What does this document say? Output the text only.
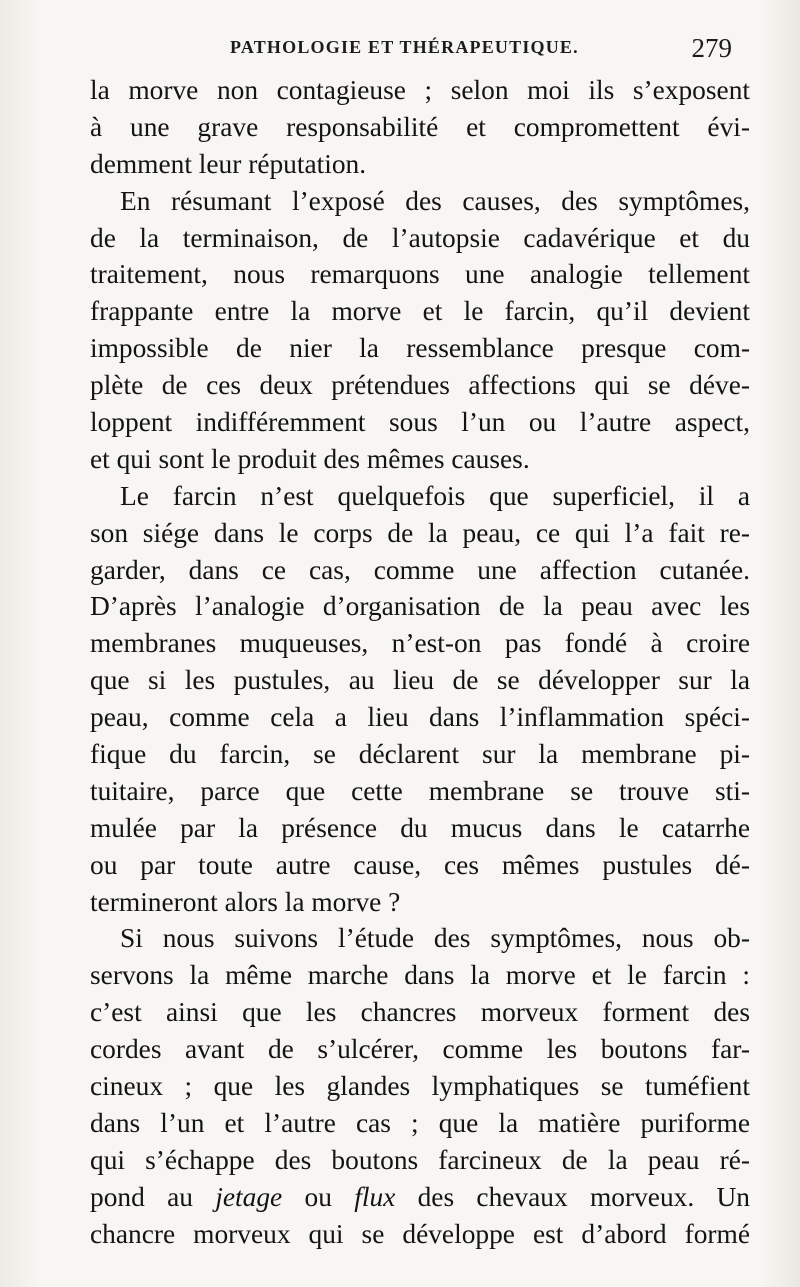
PATHOLOGIE ET THÉRAPEUTIQUE.	279
la morve non contagieuse ; selon moi ils s’exposent
à une grave responsabilité et compromettent évi-
demment leur réputation.
En résumant l’exposé des causes, des symptômes,
de la terminaison, de l’autopsie cadavérique et du
traitement, nous remarquons une analogie tellement
frappante entre la morve et le farcin, qu’il devient
impossible de nier la ressemblance presque com-
plète de ces deux prétendues affections qui se déve-
loppent indifféremment sous l’un ou l’autre aspect,
et qui sont le produit des mêmes causes.
Le farcin n’est quelquefois que superficiel, il a
son siége dans le corps de la peau, ce qui l’a fait re-
garder, dans ce cas, comme une affection cutanée.
D’après l’analogie d’organisation de la peau avec les
membranes muqueuses, n’est-on pas fondé à croire
que si les pustules, au lieu de se développer sur la
peau, comme cela a lieu dans l’inflammation spéci-
fique du farcin, se déclarent sur la membrane pi-
tuitaire, parce que cette membrane se trouve sti-
mulée par la présence du mucus dans le catarrhe
ou par toute autre cause, ces mêmes pustules dé-
termineront alors la morve ?
Si nous suivons l’étude des symptômes, nous ob-
servons la même marche dans la morve et le farcin :
c’est ainsi que les chancres morveux forment des
cordes avant de s’ulcérer, comme les boutons far-
cineux ; que les glandes lymphatiques se tuméfient
dans l’un et l’autre cas ; que la matière puriforme
qui s’échappe des boutons farcineux de la peau ré-
pond au jetage ou flux des chevaux morveux. Un
chancre morveux qui se développe est d’abord formé
